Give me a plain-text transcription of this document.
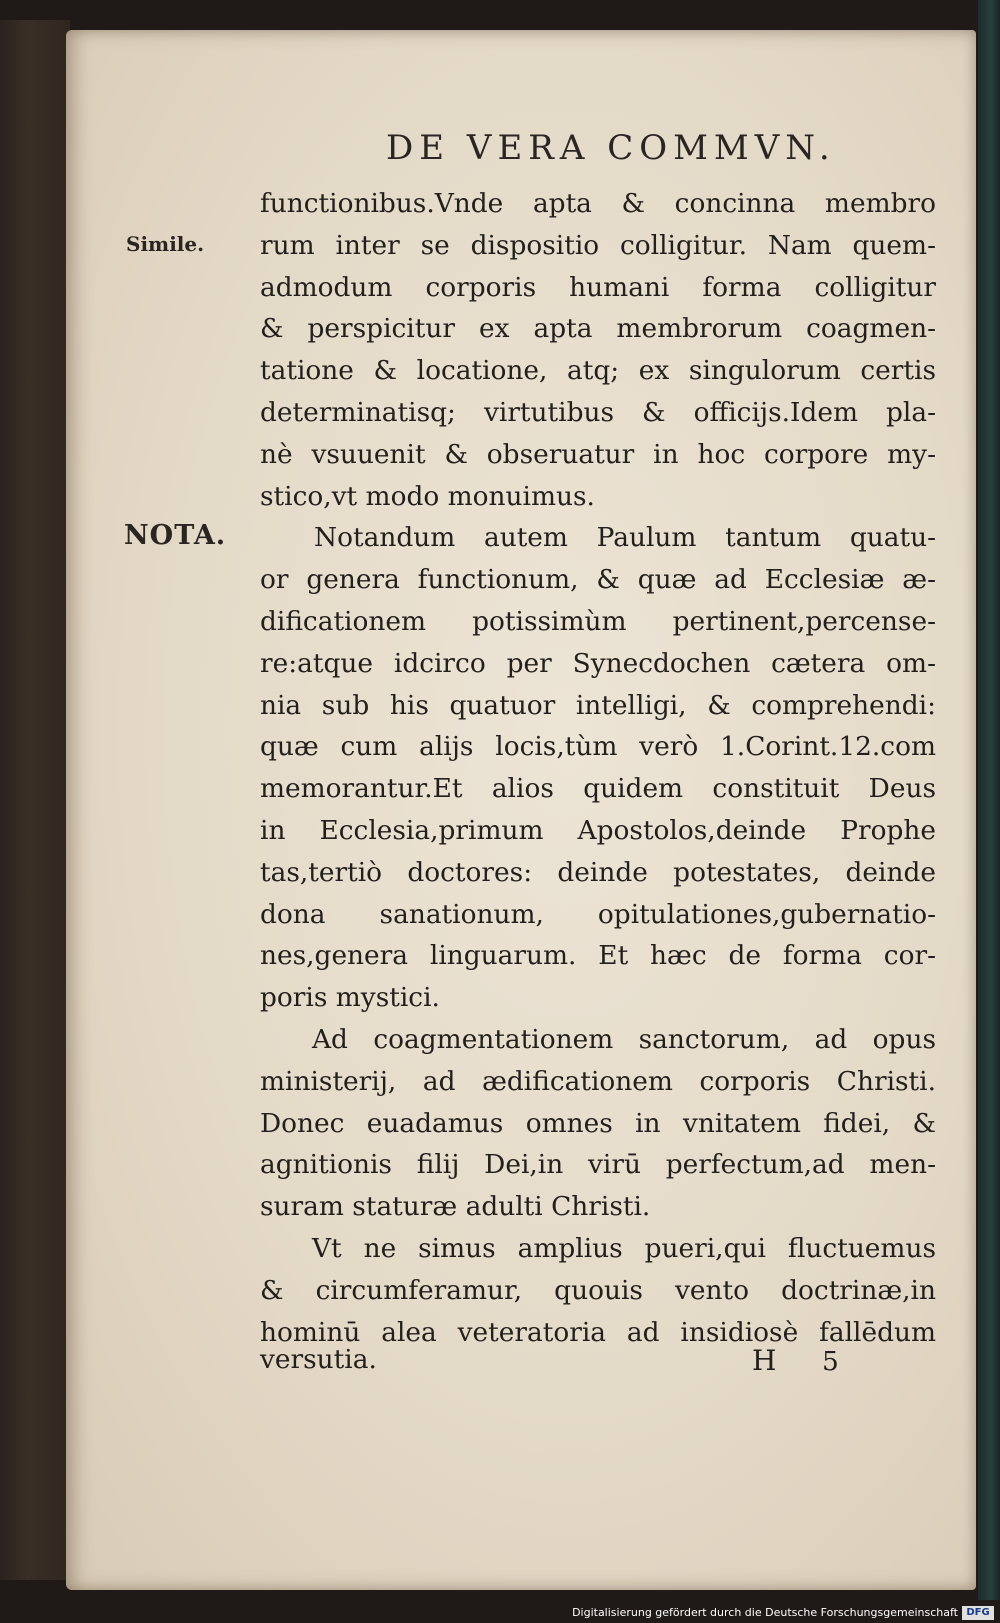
DE VERA COMMVN.
Simile.
NOTA.
functionibus.Vnde apta & concinna membro
rum inter se dispositio colligitur. Nam quem-
admodum corporis humani forma colligitur
& perspicitur ex apta membrorum coagmen-
tatione & locatione, atq; ex singulorum certis
determinatisq; virtutibus & officijs.Idem pla-
nè vsuuenit & obseruatur in hoc corpore my-
stico,vt modo monuimus.
Notandum autem Paulum tantum quatu-
or genera functionum, & quæ ad Ecclesiæ æ-
dificationem potissimùm pertinent,percense-
re:atque idcirco per Synecdochen cætera om-
nia sub his quatuor intelligi, & comprehendi:
quæ cum alijs locis,tùm verò 1.Corint.12.com
memorantur.Et alios quidem constituit Deus
in Ecclesia,primum Apostolos,deinde Prophe
tas,tertiò doctores: deinde potestates, deinde
dona sanationum, opitulationes,gubernatio-
nes,genera linguarum. Et hæc de forma cor-
poris mystici.
Ad coagmentationem sanctorum, ad opus
ministerij, ad ædificationem corporis Christi.
Donec euadamus omnes in vnitatem fidei, &
agnitionis filij Dei,in virū perfectum,ad men-
suram staturæ adulti Christi.
Vt ne simus amplius pueri,qui fluctuemus
& circumferamur, quouis vento doctrinæ,in
hominū alea veteratoria ad insidiosè fallēdum
versutia.	H 5
Digitalisierung gefördert durch die Deutsche Forschungsgemeinschaft DFG
